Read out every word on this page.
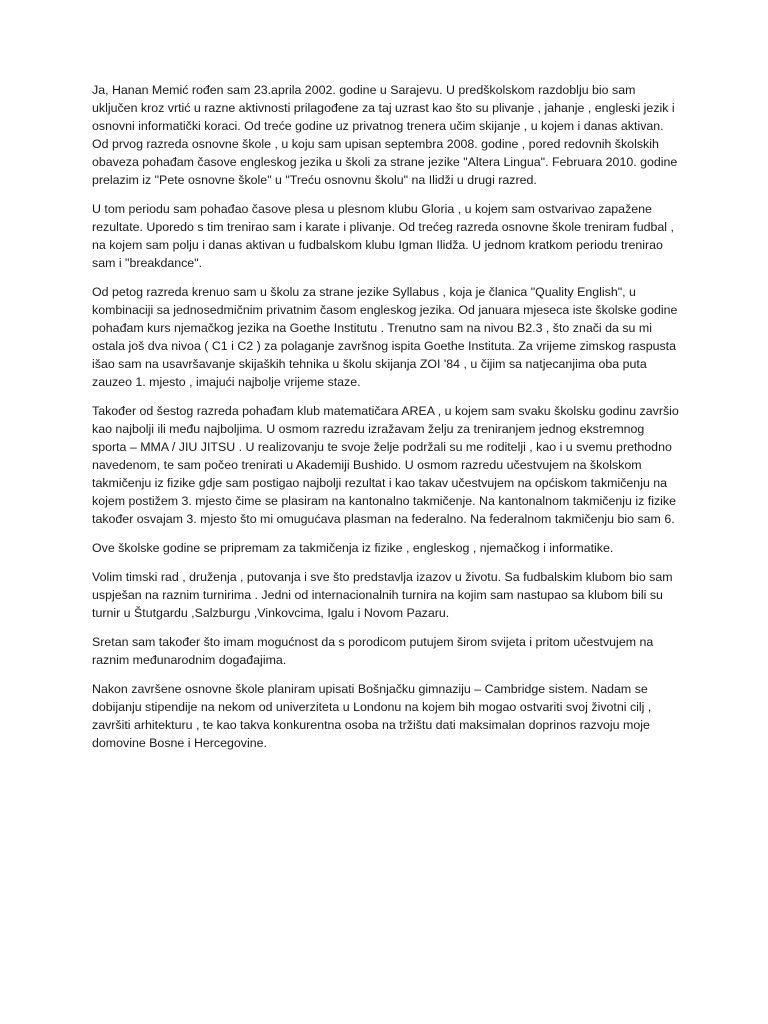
Ja, Hanan Memić rođen sam 23.aprila 2002. godine u Sarajevu. U predškolskom razdoblju bio sam uključen kroz vrtić u razne aktivnosti prilagođene za taj uzrast kao što su plivanje , jahanje , engleski jezik i osnovni informatički koraci. Od treće godine uz privatnog trenera učim skijanje , u kojem i danas aktivan. Od prvog razreda osnovne škole , u koju sam upisan septembra 2008. godine , pored redovnih školskih obaveza pohađam časove engleskog jezika u školi za strane jezike "Altera Lingua". Februara 2010. godine prelazim iz "Pete osnovne škole" u "Treću osnovnu školu" na Ilidži u drugi razred.

U tom periodu sam pohađao časove plesa u plesnom klubu Gloria , u kojem sam ostvarivao zapažene rezultate. Uporedo s tim trenirao sam i karate i plivanje. Od trećeg razreda osnovne škole treniram fudbal , na kojem sam polju i danas aktivan u fudbalskom klubu Igman Ilidža. U jednom kratkom periodu trenirao sam i "breakdance".

Od petog razreda krenuo sam u školu za strane jezike Syllabus , koja je članica "Quality English", u kombinaciji sa jednosedmičnim privatnim časom engleskog jezika. Od januara mjeseca iste školske godine pohađam kurs njemačkog jezika na Goethe Institutu . Trenutno sam na nivou B2.3 , što znači da su mi ostala još dva nivoa ( C1 i C2 ) za polaganje završnog ispita Goethe Instituta. Za vrijeme zimskog raspusta išao sam na usavršavanje skijaških tehnika u školu skijanja ZOI '84 , u čijim sa natjecanjima oba puta zauzeo 1. mjesto , imajući najbolje vrijeme staze.

Također od šestog razreda pohađam klub matematičara AREA , u kojem sam svaku školsku godinu završio kao najbolji ili među najboljima. U osmom razredu izražavam želju za treniranjem jednog ekstremnog sporta – MMA / JIU JITSU . U realizovanju te svoje želje podržali su me roditelji , kao i u svemu prethodno navedenom, te sam počeo trenirati u Akademiji Bushido. U osmom razredu učestvujem na školskom takmičenju iz fizike gdje sam postigao najbolji rezultat i kao takav učestvujem na općiskom takmičenju na kojem postižem 3. mjesto čime se plasiram na kantonalno takmičenje. Na kantonalnom takmičenju iz fizike također osvajam 3. mjesto što mi omugućava plasman na federalno. Na federalnom takmičenju bio sam 6.

Ove školske godine se pripremam za takmičenja iz fizike , engleskog , njemačkog i informatike.

Volim timski rad , druženja , putovanja i sve što predstavlja izazov u životu. Sa fudbalskim klubom bio sam uspješan na raznim turnirima . Jedni od internacionalnih turnira na kojim sam nastupao sa klubom bili su turnir u Štutgardu ,Salzburgu ,Vinkovcima, Igalu i Novom Pazaru.

Sretan sam također što imam mogućnost da s porodicom putujem širom svijeta i pritom učestvujem na raznim međunarodnim događajima.

Nakon završene osnovne škole planiram upisati Bošnjačku gimnaziju – Cambridge sistem. Nadam se dobijanju stipendije na nekom od univerziteta u Londonu na kojem bih mogao ostvariti svoj životni cilj , završiti arhitekturu , te kao takva konkurentna osoba na tržištu dati maksimalan doprinos razvoju moje domovine Bosne i Hercegovine.
